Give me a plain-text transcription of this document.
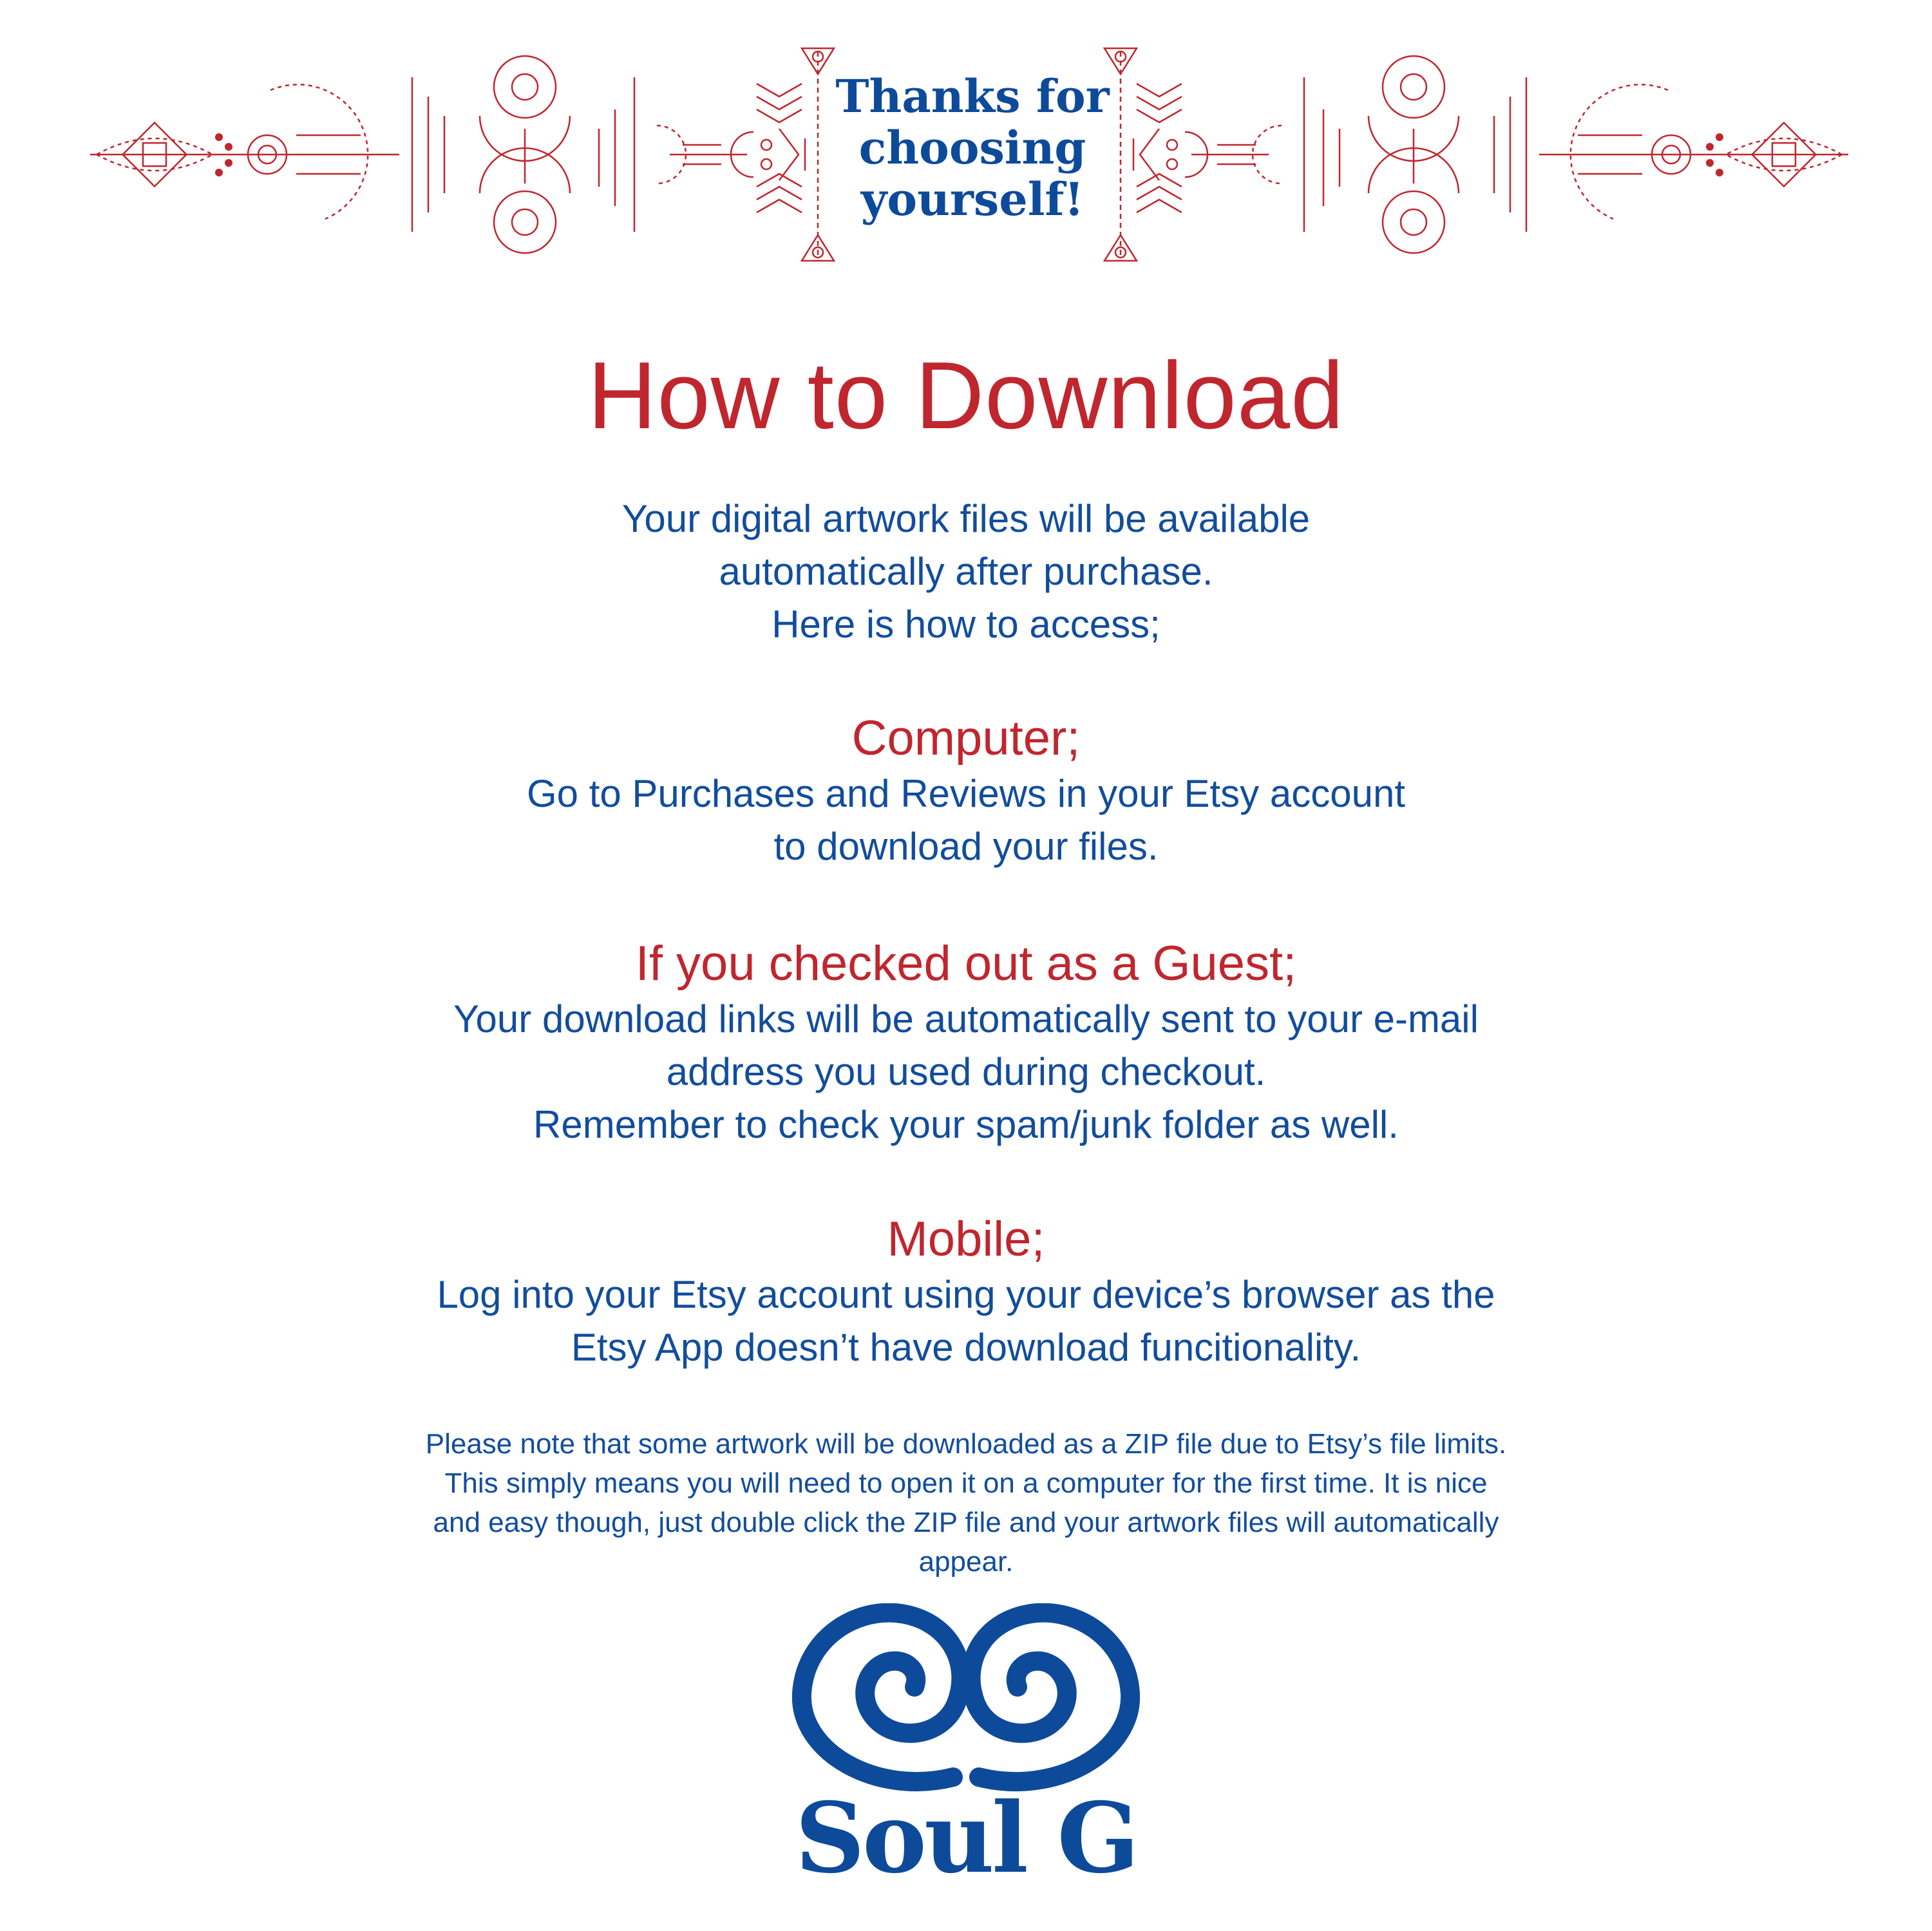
Thanks for
choosing
yourself!
How to Download
Your digital artwork files will be available
automatically after purchase.
Here is how to access;
Computer;
Go to Purchases and Reviews in your Etsy account
to download your files.
If you checked out as a Guest;
Your download links will be automatically sent to your e-mail
address you used during checkout.
Remember to check your spam/junk folder as well.
Mobile;
Log into your Etsy account using your device’s browser as the
Etsy App doesn’t have download funcitionality.
Please note that some artwork will be downloaded as a ZIP file due to Etsy’s file limits.
This simply means you will need to open it on a computer for the first time. It is nice
and easy though, just double click the ZIP file and your artwork files will automatically
appear.
Soul G
